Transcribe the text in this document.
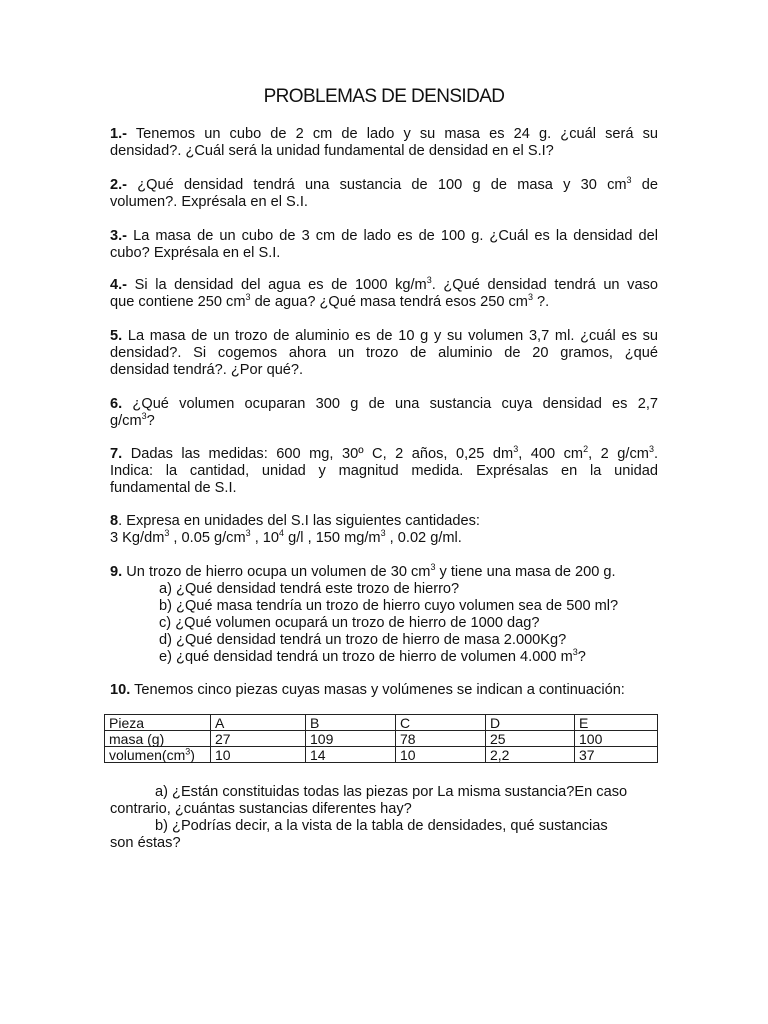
PROBLEMAS DE DENSIDAD
1.- Tenemos un cubo de 2 cm de lado y su masa es 24 g. ¿cuál será su
densidad?. ¿Cuál será la unidad fundamental de densidad en el S.I?
2.- ¿Qué densidad tendrá una sustancia de 100 g de masa y 30 $cm^3$ de
volumen?. Exprésala en el S.I.
3.- La masa de un cubo de 3 cm de lado es de 100 g. ¿Cuál es la densidad del
cubo? Exprésala en el S.I.
4.- Si la densidad del agua es de 1000 $kg/m^3$. ¿Qué densidad tendrá un vaso
que contiene 250 $cm^3$ de agua? ¿Qué masa tendrá esos 250 $cm^3$ ?.
5. La masa de un trozo de aluminio es de 10 g y su volumen 3,7 ml. ¿cuál es su
densidad?. Si cogemos ahora un trozo de aluminio de 20 gramos, ¿qué
densidad tendrá?. ¿Por qué?.
6. ¿Qué volumen ocuparan 300 g de una sustancia cuya densidad es 2,7
$g/cm^3$?
7. Dadas las medidas: 600 mg, 30º C, 2 años, 0,25 $dm^3$, 400 $cm^2$, 2 $g/cm^3$.
Indica: la cantidad, unidad y magnitud medida. Exprésalas en la unidad
fundamental de S.I.
8. Expresa en unidades del S.I las siguientes cantidades:
3 $Kg/dm^3$ , 0.05 $g/cm^3$ , $10^4$ g/l , 150 $mg/m^3$ , 0.02 g/ml.
9. Un trozo de hierro ocupa un volumen de 30 $cm^3$ y tiene una masa de 200 g.
a) ¿Qué densidad tendrá este trozo de hierro?
b) ¿Qué masa tendría un trozo de hierro cuyo volumen sea de 500 ml?
c) ¿Qué volumen ocupará un trozo de hierro de 1000 dag?
d) ¿Qué densidad tendrá un trozo de hierro de masa 2.000Kg?
e) ¿qué densidad tendrá un trozo de hierro de volumen 4.000 $m^3$?
10. Tenemos cinco piezas cuyas masas y volúmenes se indican a continuación:
Pieza	A	B	C	D	E
masa (g)	27	109	78	25	100
$volumen(cm^3)$	10	14	10	2,2	37
a) ¿Están constituidas todas las piezas por La misma sustancia?En caso
contrario, ¿cuántas sustancias diferentes hay?
b) ¿Podrías decir, a la vista de la tabla de densidades, qué sustancias
son éstas?
